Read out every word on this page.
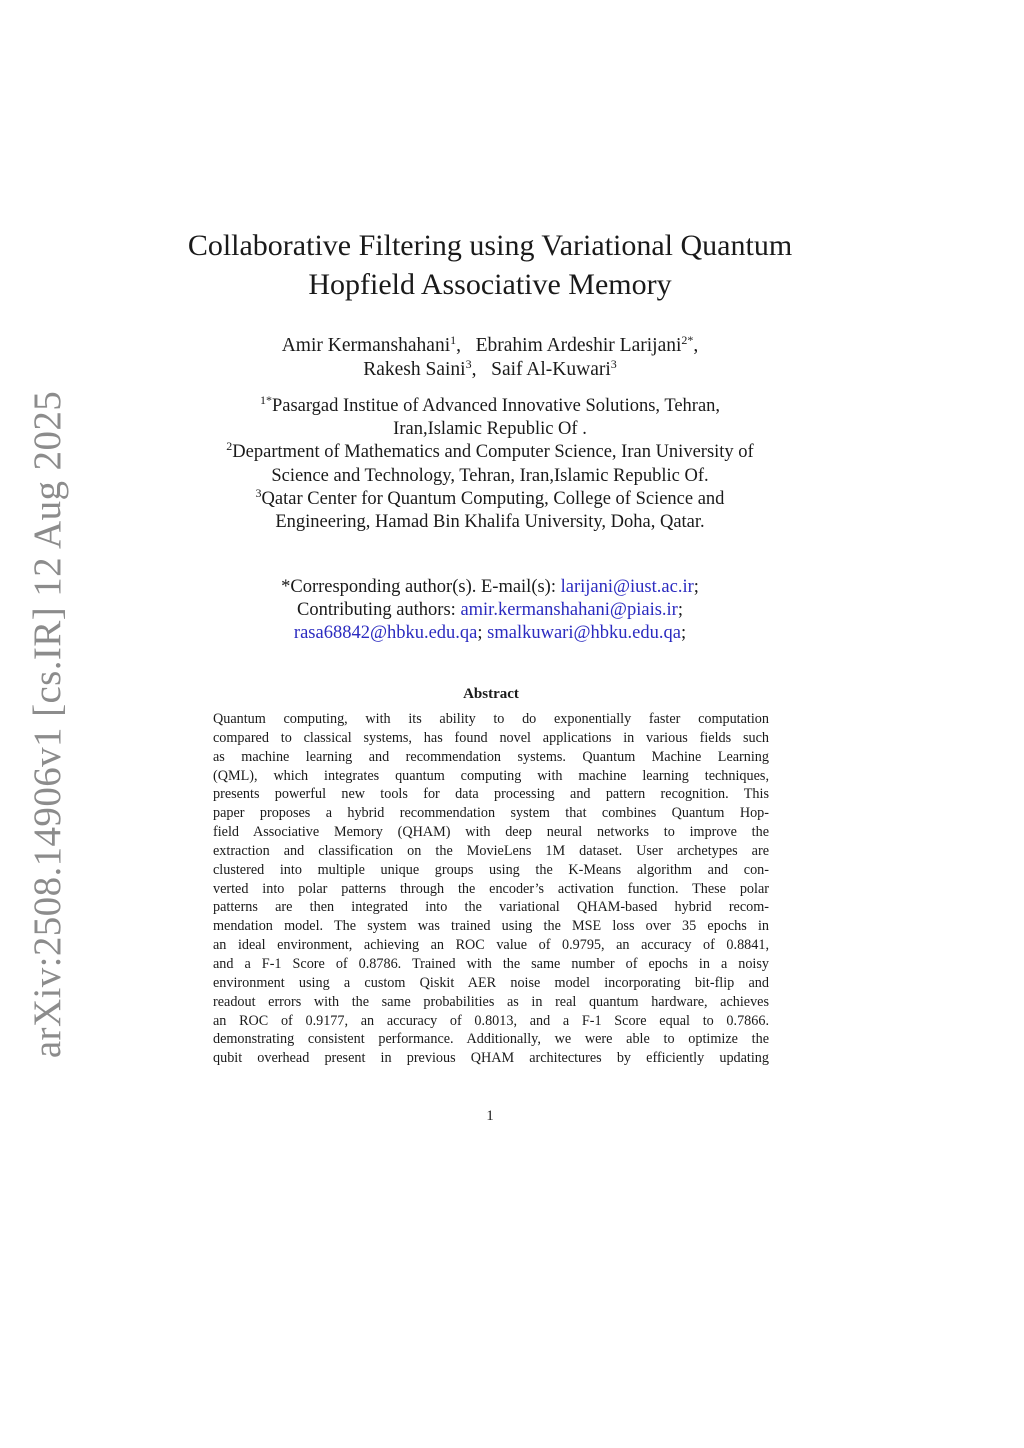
arXiv:2508.14906v1 [cs.IR] 12 Aug 2025
Collaborative Filtering using Variational Quantum
Hopfield Associative Memory
Amir Kermanshahani$^1$, Ebrahim Ardeshir Larijani$^{2*}$,
Rakesh Saini$^3$, Saif Al-Kuwari$^3$
$^{1*}$Pasargad Institue of Advanced Innovative Solutions, Tehran,
Iran,Islamic Republic Of .
$^2$Department of Mathematics and Computer Science, Iran University of
Science and Technology, Tehran, Iran,Islamic Republic Of.
$^3$Qatar Center for Quantum Computing, College of Science and
Engineering, Hamad Bin Khalifa University, Doha, Qatar.
*Corresponding author(s). E-mail(s): larijani@iust.ac.ir;
Contributing authors: amir.kermanshahani@piais.ir;
rasa68842@hbku.edu.qa; smalkuwari@hbku.edu.qa;
Abstract
Quantum computing, with its ability to do exponentially faster computation
compared to classical systems, has found novel applications in various fields such
as machine learning and recommendation systems. Quantum Machine Learning
(QML), which integrates quantum computing with machine learning techniques,
presents powerful new tools for data processing and pattern recognition. This
paper proposes a hybrid recommendation system that combines Quantum Hop-
field Associative Memory (QHAM) with deep neural networks to improve the
extraction and classification on the MovieLens 1M dataset. User archetypes are
clustered into multiple unique groups using the K-Means algorithm and con-
verted into polar patterns through the encoder’s activation function. These polar
patterns are then integrated into the variational QHAM-based hybrid recom-
mendation model. The system was trained using the MSE loss over 35 epochs in
an ideal environment, achieving an ROC value of 0.9795, an accuracy of 0.8841,
and a F-1 Score of 0.8786. Trained with the same number of epochs in a noisy
environment using a custom Qiskit AER noise model incorporating bit-flip and
readout errors with the same probabilities as in real quantum hardware, achieves
an ROC of 0.9177, an accuracy of 0.8013, and a F-1 Score equal to 0.7866.
demonstrating consistent performance. Additionally, we were able to optimize the
qubit overhead present in previous QHAM architectures by efficiently updating
1
